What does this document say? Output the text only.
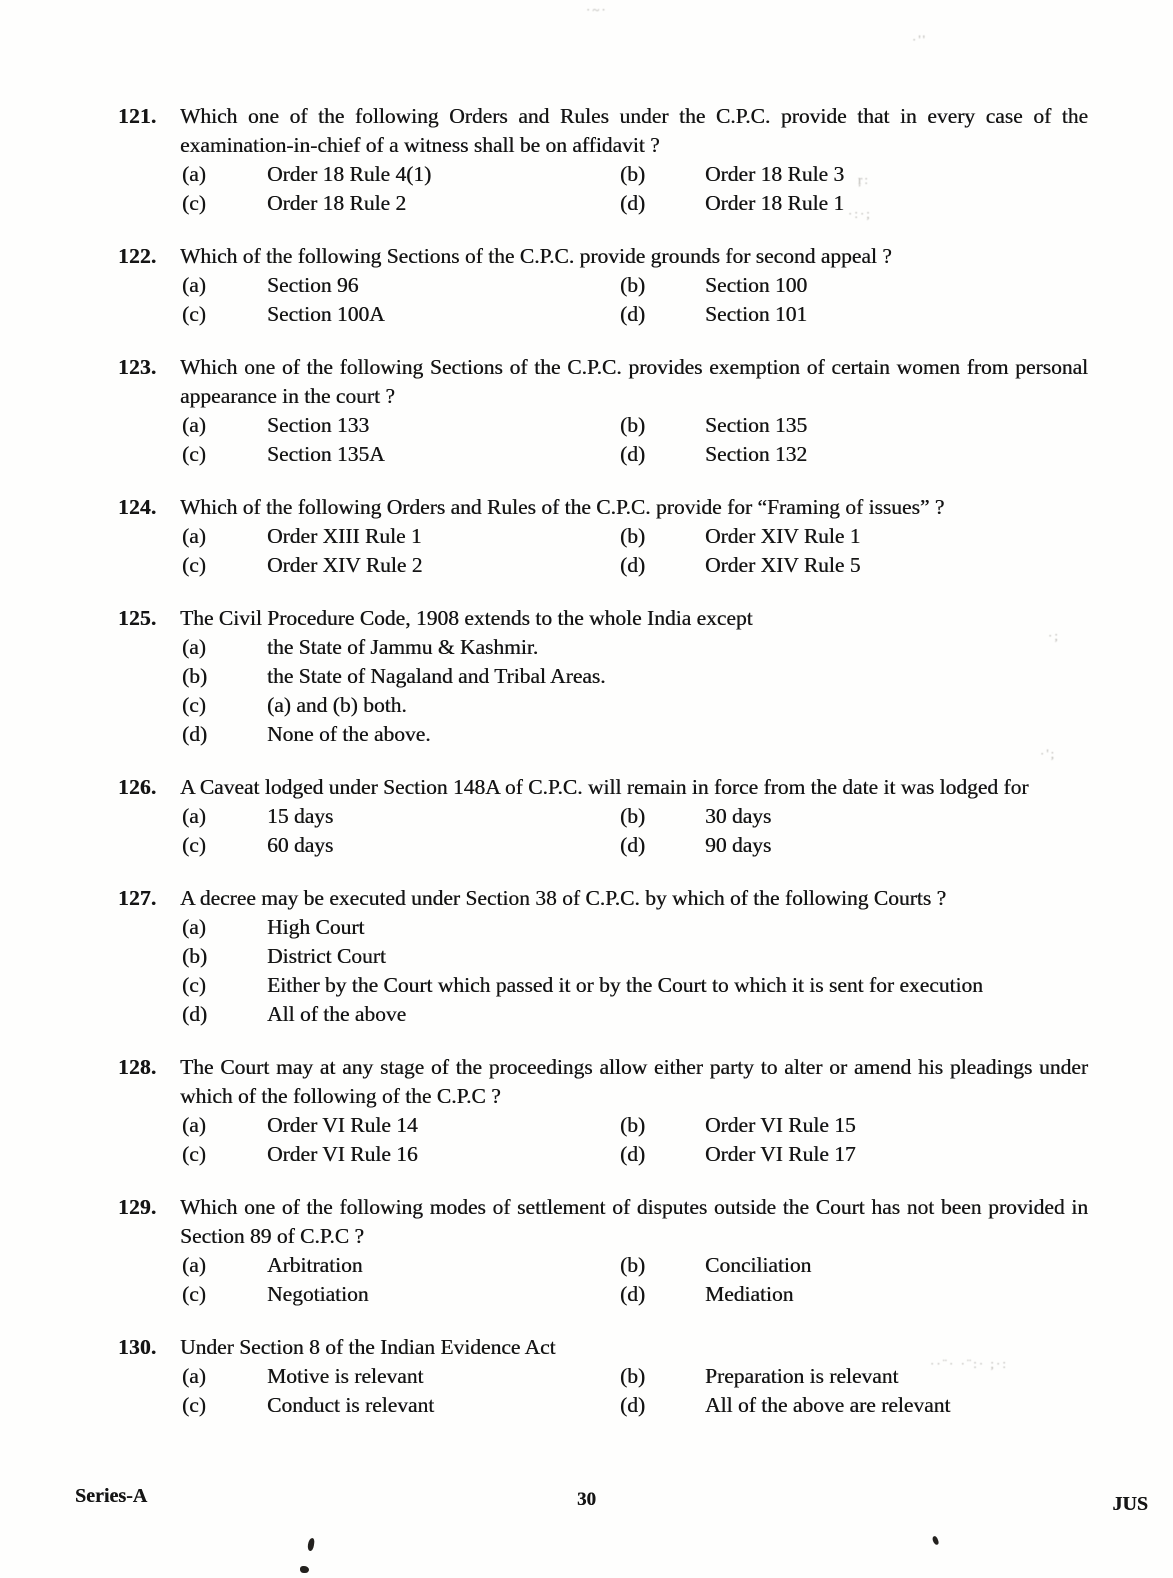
121.	Which one of the following Orders and Rules under the C.P.C. provide that in every case of the examination-in-chief of a witness shall be on affidavit ?
(a)	Order 18 Rule 4(1)	(b)	Order 18 Rule 3
(c)	Order 18 Rule 2	(d)	Order 18 Rule 1
122.	Which of the following Sections of the C.P.C. provide grounds for second appeal ?
(a)	Section 96	(b)	Section 100
(c)	Section 100A	(d)	Section 101
123.	Which one of the following Sections of the C.P.C. provides exemption of certain women from personal appearance in the court ?
(a)	Section 133	(b)	Section 135
(c)	Section 135A	(d)	Section 132
124.	Which of the following Orders and Rules of the C.P.C. provide for “Framing of issues” ?
(a)	Order XIII Rule 1	(b)	Order XIV Rule 1
(c)	Order XIV Rule 2	(d)	Order XIV Rule 5
125.	The Civil Procedure Code, 1908 extends to the whole India except
(a)	the State of Jammu & Kashmir.
(b)	the State of Nagaland and Tribal Areas.
(c)	(a) and (b) both.
(d)	None of the above.
126.	A Caveat lodged under Section 148A of C.P.C. will remain in force from the date it was lodged for
(a)	15 days	(b)	30 days
(c)	60 days	(d)	90 days
127.	A decree may be executed under Section 38 of C.P.C. by which of the following Courts ?
(a)	High Court
(b)	District Court
(c)	Either by the Court which passed it or by the Court to which it is sent for execution
(d)	All of the above
128.	The Court may at any stage of the proceedings allow either party to alter or amend his pleadings under which of the following of the C.P.C ?
(a)	Order VI Rule 14	(b)	Order VI Rule 15
(c)	Order VI Rule 16	(d)	Order VI Rule 17
129.	Which one of the following modes of settlement of disputes outside the Court has not been provided in Section 89 of C.P.C ?
(a)	Arbitration	(b)	Conciliation
(c)	Negotiation	(d)	Mediation
130.	Under Section 8 of the Indian Evidence Act
(a)	Motive is relevant	(b)	Preparation is relevant
(c)	Conduct is relevant	(d)	All of the above are relevant
Series-A	30	JUS
·~·
·''
ŗ:
·:·;
·;
·';
··¨· ·¨:· ;·:
